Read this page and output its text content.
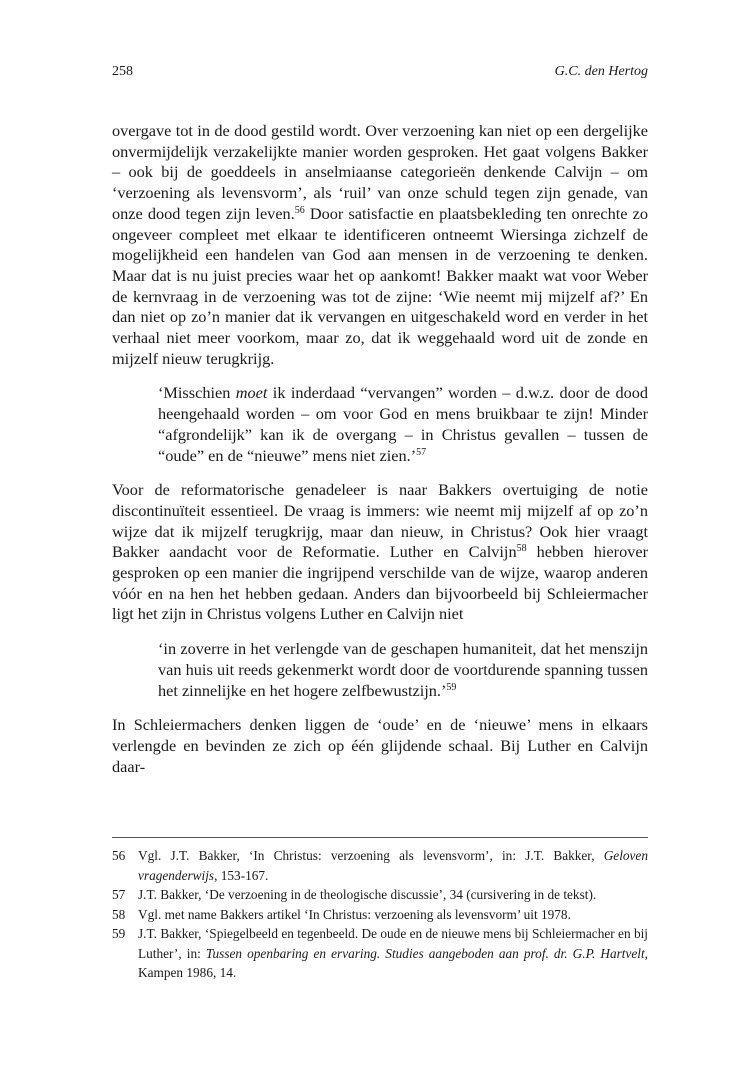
258	G.C. den Hertog

overgave tot in de dood gestild wordt. Over verzoening kan niet op een dergelijke onvermijdelijk verzakelijkte manier worden gesproken. Het gaat volgens Bakker – ook bij de goeddeels in anselmiaanse categorieën denkende Calvijn – om ‘verzoening als levensvorm’, als ‘ruil’ van onze schuld tegen zijn genade, van onze dood tegen zijn leven.$^{56}$ Door satisfactie en plaatsbekleding ten onrechte zo ongeveer compleet met elkaar te identificeren ontneemt Wiersinga zichzelf de mogelijkheid een handelen van God aan mensen in de verzoening te denken. Maar dat is nu juist precies waar het op aankomt! Bakker maakt wat voor Weber de kernvraag in de verzoening was tot de zijne: ‘Wie neemt mij mijzelf af?’ En dan niet op zo’n manier dat ik vervangen en uitgeschakeld word en verder in het verhaal niet meer voorkom, maar zo, dat ik weggehaald word uit de zonde en mijzelf nieuw terugkrijg.

‘Misschien moet ik inderdaad “vervangen” worden – d.w.z. door de dood heengehaald worden – om voor God en mens bruikbaar te zijn! Minder “afgrondelijk” kan ik de overgang – in Christus gevallen – tussen de “oude” en de “nieuwe” mens niet zien.’$^{57}$

Voor de reformatorische genadeleer is naar Bakkers overtuiging de notie discontinuïteit essentieel. De vraag is immers: wie neemt mij mijzelf af op zo’n wijze dat ik mijzelf terugkrijg, maar dan nieuw, in Christus? Ook hier vraagt Bakker aandacht voor de Reformatie. Luther en Calvijn$^{58}$ hebben hierover gesproken op een manier die ingrijpend verschilde van de wijze, waarop anderen vóór en na hen het hebben gedaan. Anders dan bijvoorbeeld bij Schleiermacher ligt het zijn in Christus volgens Luther en Calvijn niet

‘in zoverre in het verlengde van de geschapen humaniteit, dat het menszijn van huis uit reeds gekenmerkt wordt door de voortdurende spanning tussen het zinnelijke en het hogere zelfbewustzijn.’$^{59}$

In Schleiermachers denken liggen de ‘oude’ en de ‘nieuwe’ mens in elkaars verlengde en bevinden ze zich op één glijdende schaal. Bij Luther en Calvijn daar-

56 Vgl. J.T. Bakker, ‘In Christus: verzoening als levensvorm’, in: J.T. Bakker, Geloven vragenderwijs, 153-167.

57 J.T. Bakker, ‘De verzoening in de theologische discussie’, 34 (cursivering in de tekst).

58 Vgl. met name Bakkers artikel ‘In Christus: verzoening als levensvorm’ uit 1978.

59 J.T. Bakker, ‘Spiegelbeeld en tegenbeeld. De oude en de nieuwe mens bij Schleiermacher en bij Luther’, in: Tussen openbaring en ervaring. Studies aangeboden aan prof. dr. G.P. Hartvelt, Kampen 1986, 14.
